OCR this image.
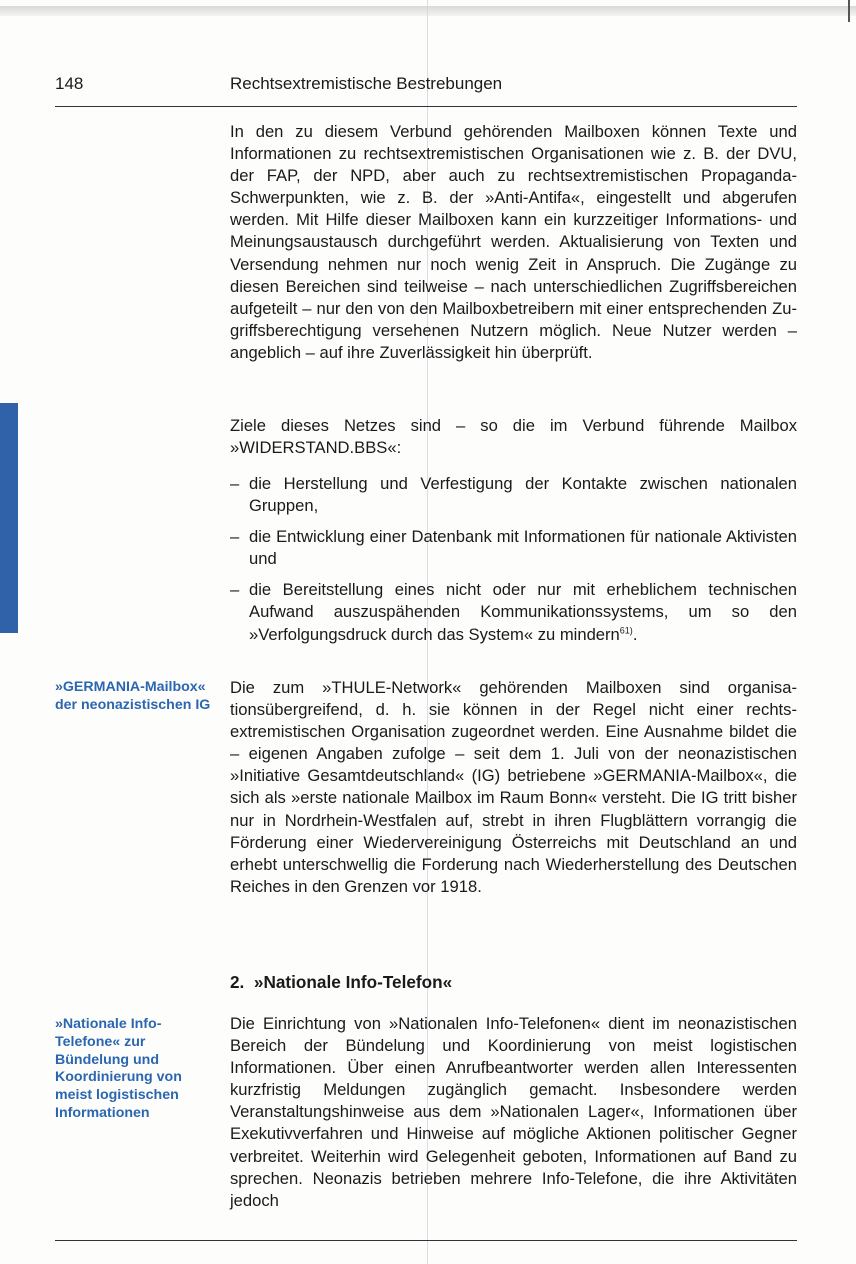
148	Rechtsextremistische Bestrebungen

In den zu diesem Verbund gehörenden Mailboxen können Texte und Informationen zu rechtsextremistischen Organisationen wie z. B. der DVU, der FAP, der NPD, aber auch zu rechtsextremistischen Propaganda-Schwerpunkten, wie z. B. der »Anti-Antifa«, eingestellt und abgerufen werden. Mit Hilfe dieser Mailboxen kann ein kurzzeitiger Informations- und Meinungsaustausch durchgeführt werden. Aktualisierung von Texten und Versendung nehmen nur noch wenig Zeit in Anspruch. Die Zugänge zu diesen Bereichen sind teilweise – nach unterschiedlichen Zugriffsbereichen aufgeteilt – nur den von den Mailboxbetreibern mit einer entsprechenden Zugriffsberechtigung versehenen Nutzern möglich. Neue Nutzer werden – angeblich – auf ihre Zuverlässigkeit hin überprüft.

Ziele dieses Netzes sind – so die im Verbund führende Mailbox »WIDERSTAND.BBS«:

– die Herstellung und Verfestigung der Kontakte zwischen nationalen Gruppen,
– die Entwicklung einer Datenbank mit Informationen für nationale Aktivisten und
– die Bereitstellung eines nicht oder nur mit erheblichem technischen Aufwand auszuspähenden Kommunikationssystems, um so den »Verfolgungsdruck durch das System« zu mindern$^{61)}$.
»GERMANIA-Mailbox« der neonazistischen IG

Die zum »THULE-Network« gehörenden Mailboxen sind organisationsübergreifend, d. h. sie können in der Regel nicht einer rechtsextremistischen Organisation zugeordnet werden. Eine Ausnahme bildet die – eigenen Angaben zufolge – seit dem 1. Juli von der neonazistischen »Initiative Gesamtdeutschland« (IG) betriebene »GERMANIA-Mailbox«, die sich als »erste nationale Mailbox im Raum Bonn« versteht. Die IG tritt bisher nur in Nordrhein-Westfalen auf, strebt in ihren Flugblättern vorrangig die Förderung einer Wiedervereinigung Österreichs mit Deutschland an und erhebt unterschwellig die Forderung nach Wiederherstellung des Deutschen Reiches in den Grenzen vor 1918.

2. »Nationale Info-Telefon«
»Nationale Info-Telefone« zur Bündelung und Koordinierung von meist logistischen Informationen

Die Einrichtung von »Nationalen Info-Telefonen« dient im neonazistischen Bereich der Bündelung und Koordinierung von meist logistischen Informationen. Über einen Anrufbeantworter werden allen Interessenten kurzfristig Meldungen zugänglich gemacht. Insbesondere werden Veranstaltungshinweise aus dem »Nationalen Lager«, Informationen über Exekutivverfahren und Hinweise auf mögliche Aktionen politischer Gegner verbreitet. Weiterhin wird Gelegenheit geboten, Informationen auf Band zu sprechen. Neonazis betrieben mehrere Info-Telefone, die ihre Aktivitäten jedoch
